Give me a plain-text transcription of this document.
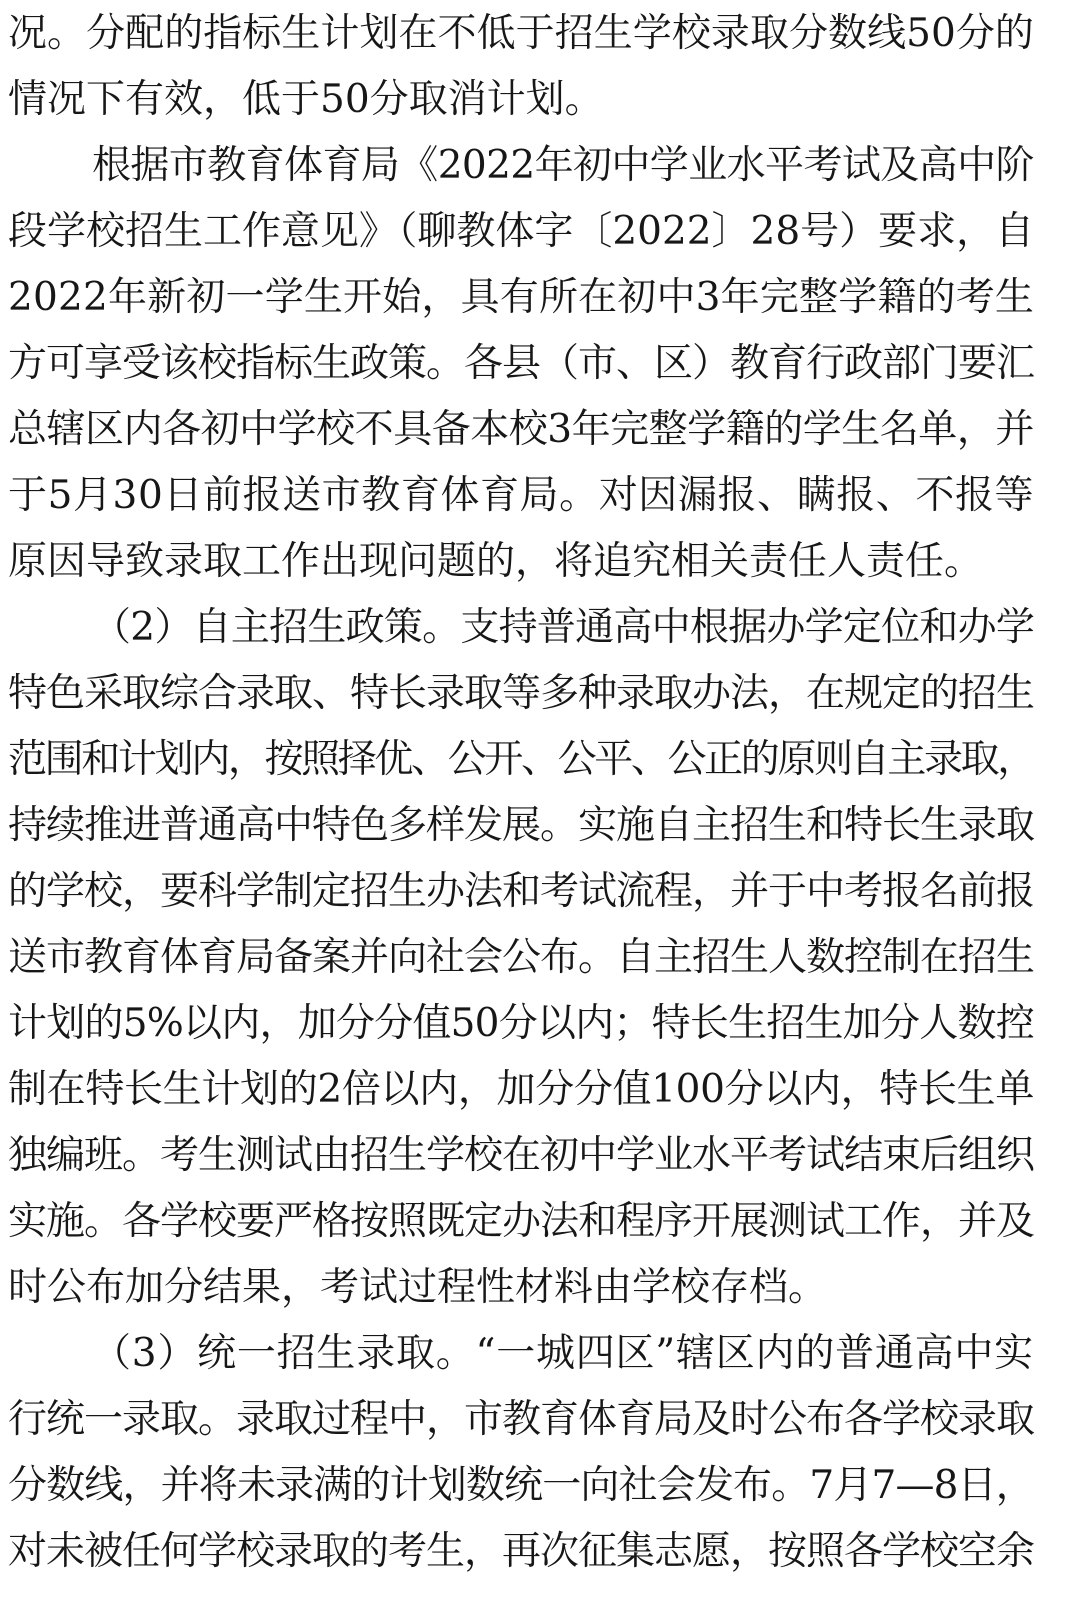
况。分配的指标生计划在不低于招生学校录取分数线50分的
情况下有效，低于50分取消计划。
根据市教育体育局《2022年初中学业水平考试及高中阶
段学校招生工作意见》（聊教体字〔2022〕28号）要求，自
2022年新初一学生开始，具有所在初中3年完整学籍的考生
方可享受该校指标生政策。各县（市、区）教育行政部门要汇
总辖区内各初中学校不具备本校3年完整学籍的学生名单，并
于5月30日前报送市教育体育局。对因漏报、瞒报、不报等
原因导致录取工作出现问题的，将追究相关责任人责任。
（2）自主招生政策。支持普通高中根据办学定位和办学
特色采取综合录取、特长录取等多种录取办法，在规定的招生
范围和计划内，按照择优、公开、公平、公正的原则自主录取，
持续推进普通高中特色多样发展。实施自主招生和特长生录取
的学校，要科学制定招生办法和考试流程，并于中考报名前报
送市教育体育局备案并向社会公布。自主招生人数控制在招生
计划的5%以内，加分分值50分以内；特长生招生加分人数控
制在特长生计划的2倍以内，加分分值100分以内，特长生单
独编班。考生测试由招生学校在初中学业水平考试结束后组织
实施。各学校要严格按照既定办法和程序开展测试工作，并及
时公布加分结果，考试过程性材料由学校存档。
（3）统一招生录取。“一城四区”辖区内的普通高中实
行统一录取。录取过程中，市教育体育局及时公布各学校录取
分数线，并将未录满的计划数统一向社会发布。7月7—8日，
对未被任何学校录取的考生，再次征集志愿，按照各学校空余
